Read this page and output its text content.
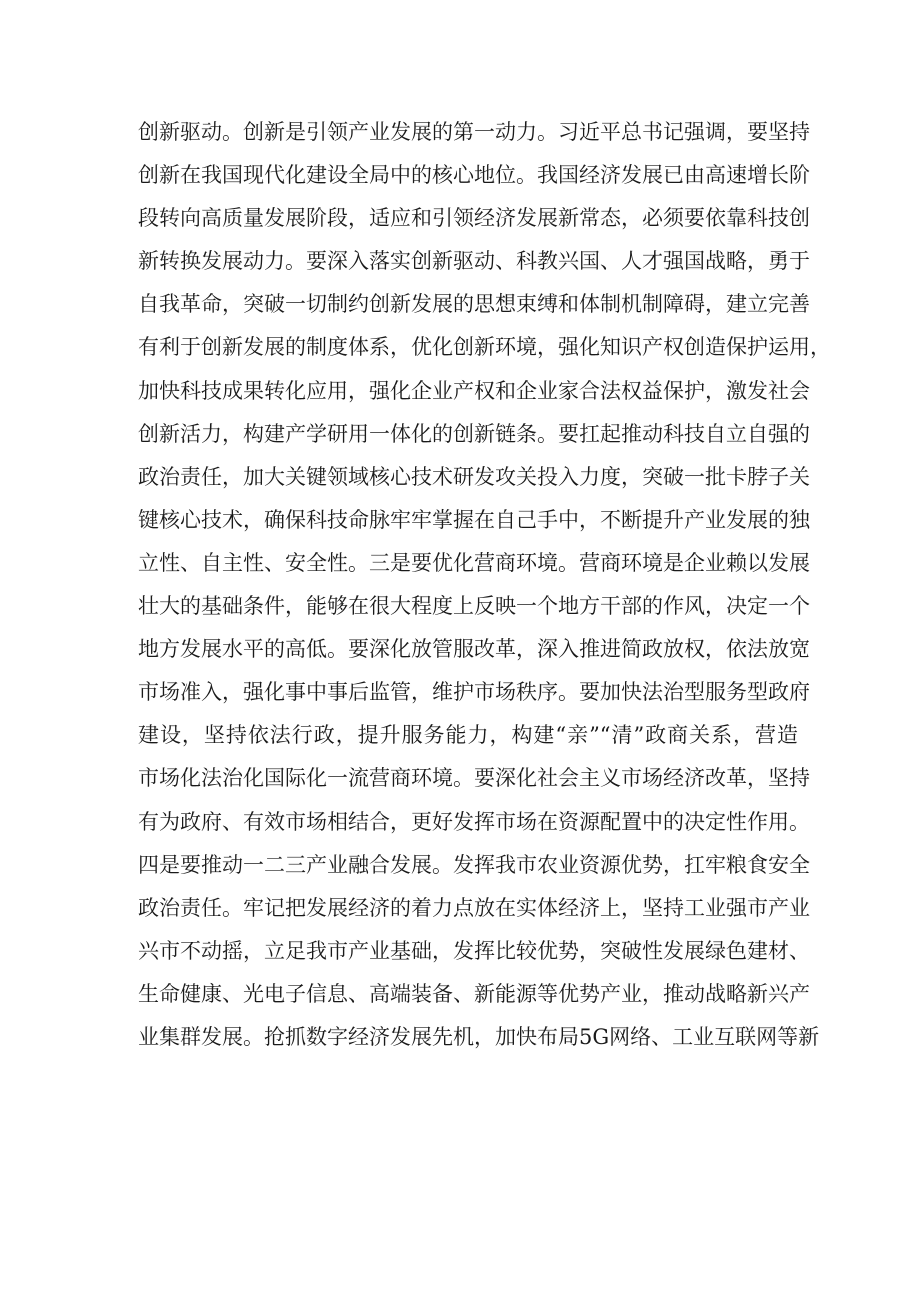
创新驱动。创新是引领产业发展的第一动力。习近平总书记强调，要坚持
创新在我国现代化建设全局中的核心地位。我国经济发展已由高速增长阶
段转向高质量发展阶段，适应和引领经济发展新常态，必须要依靠科技创
新转换发展动力。要深入落实创新驱动、科教兴国、人才强国战略，勇于
自我革命，突破一切制约创新发展的思想束缚和体制机制障碍，建立完善
有利于创新发展的制度体系，优化创新环境，强化知识产权创造保护运用，
加快科技成果转化应用，强化企业产权和企业家合法权益保护，激发社会
创新活力，构建产学研用一体化的创新链条。要扛起推动科技自立自强的
政治责任，加大关键领域核心技术研发攻关投入力度，突破一批卡脖子关
键核心技术，确保科技命脉牢牢掌握在自己手中，不断提升产业发展的独
立性、自主性、安全性。三是要优化营商环境。营商环境是企业赖以发展
壮大的基础条件，能够在很大程度上反映一个地方干部的作风，决定一个
地方发展水平的高低。要深化放管服改革，深入推进简政放权，依法放宽
市场准入，强化事中事后监管，维护市场秩序。要加快法治型服务型政府
建设，坚持依法行政，提升服务能力，构建“亲”“清”政商关系，营造
市场化法治化国际化一流营商环境。要深化社会主义市场经济改革，坚持
有为政府、有效市场相结合，更好发挥市场在资源配置中的决定性作用。
四是要推动一二三产业融合发展。发挥我市农业资源优势，扛牢粮食安全
政治责任。牢记把发展经济的着力点放在实体经济上，坚持工业强市产业
兴市不动摇，立足我市产业基础，发挥比较优势，突破性发展绿色建材、
生命健康、光电子信息、高端装备、新能源等优势产业，推动战略新兴产
业集群发展。抢抓数字经济发展先机，加快布局5G网络、工业互联网等新
